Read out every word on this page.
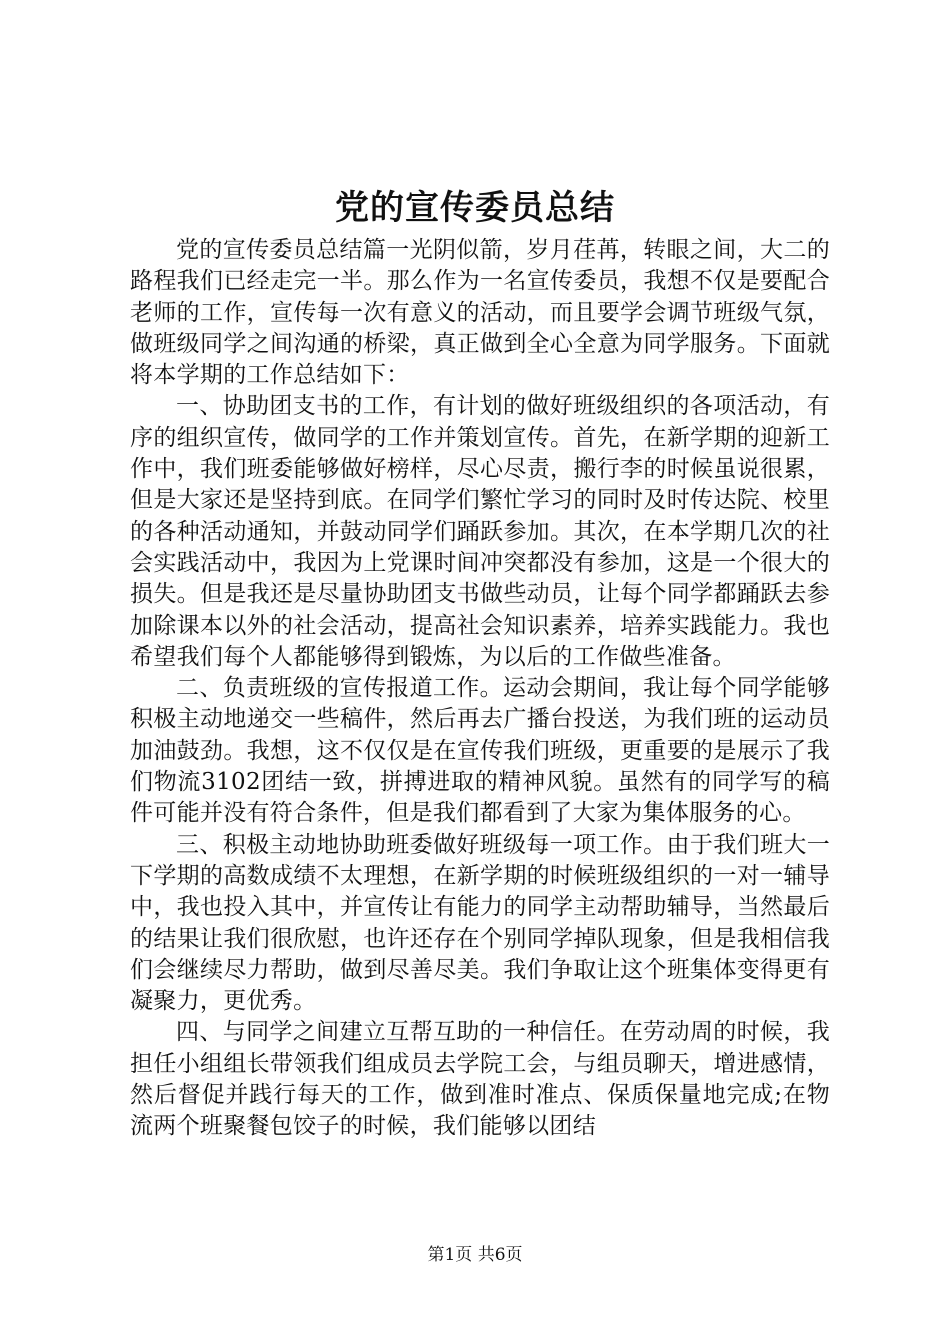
党的宣传委员总结

党的宣传委员总结篇一光阴似箭，岁月荏苒，转眼之间，大二的路程我们已经走完一半。那么作为一名宣传委员，我想不仅是要配合老师的工作，宣传每一次有意义的活动，而且要学会调节班级气氛，做班级同学之间沟通的桥梁，真正做到全心全意为同学服务。下面就将本学期的工作总结如下：

一、协助团支书的工作，有计划的做好班级组织的各项活动，有序的组织宣传，做同学的工作并策划宣传。首先，在新学期的迎新工作中，我们班委能够做好榜样，尽心尽责，搬行李的时候虽说很累，但是大家还是坚持到底。在同学们繁忙学习的同时及时传达院、校里的各种活动通知，并鼓动同学们踊跃参加。其次，在本学期几次的社会实践活动中，我因为上党课时间冲突都没有参加，这是一个很大的损失。但是我还是尽量协助团支书做些动员，让每个同学都踊跃去参加除课本以外的社会活动，提高社会知识素养，培养实践能力。我也希望我们每个人都能够得到锻炼，为以后的工作做些准备。

二、负责班级的宣传报道工作。运动会期间，我让每个同学能够积极主动地递交一些稿件，然后再去广播台投送，为我们班的运动员加油鼓劲。我想，这不仅仅是在宣传我们班级，更重要的是展示了我们物流3102团结一致，拼搏进取的精神风貌。虽然有的同学写的稿件可能并没有符合条件，但是我们都看到了大家为集体服务的心。

三、积极主动地协助班委做好班级每一项工作。由于我们班大一下学期的高数成绩不太理想，在新学期的时候班级组织的一对一辅导中，我也投入其中，并宣传让有能力的同学主动帮助辅导，当然最后的结果让我们很欣慰，也许还存在个别同学掉队现象，但是我相信我们会继续尽力帮助，做到尽善尽美。我们争取让这个班集体变得更有凝聚力，更优秀。

四、与同学之间建立互帮互助的一种信任。在劳动周的时候，我担任小组组长带领我们组成员去学院工会，与组员聊天，增进感情，然后督促并践行每天的工作，做到准时准点、保质保量地完成;在物流两个班聚餐包饺子的时候，我们能够以团结

第1页 共6页
